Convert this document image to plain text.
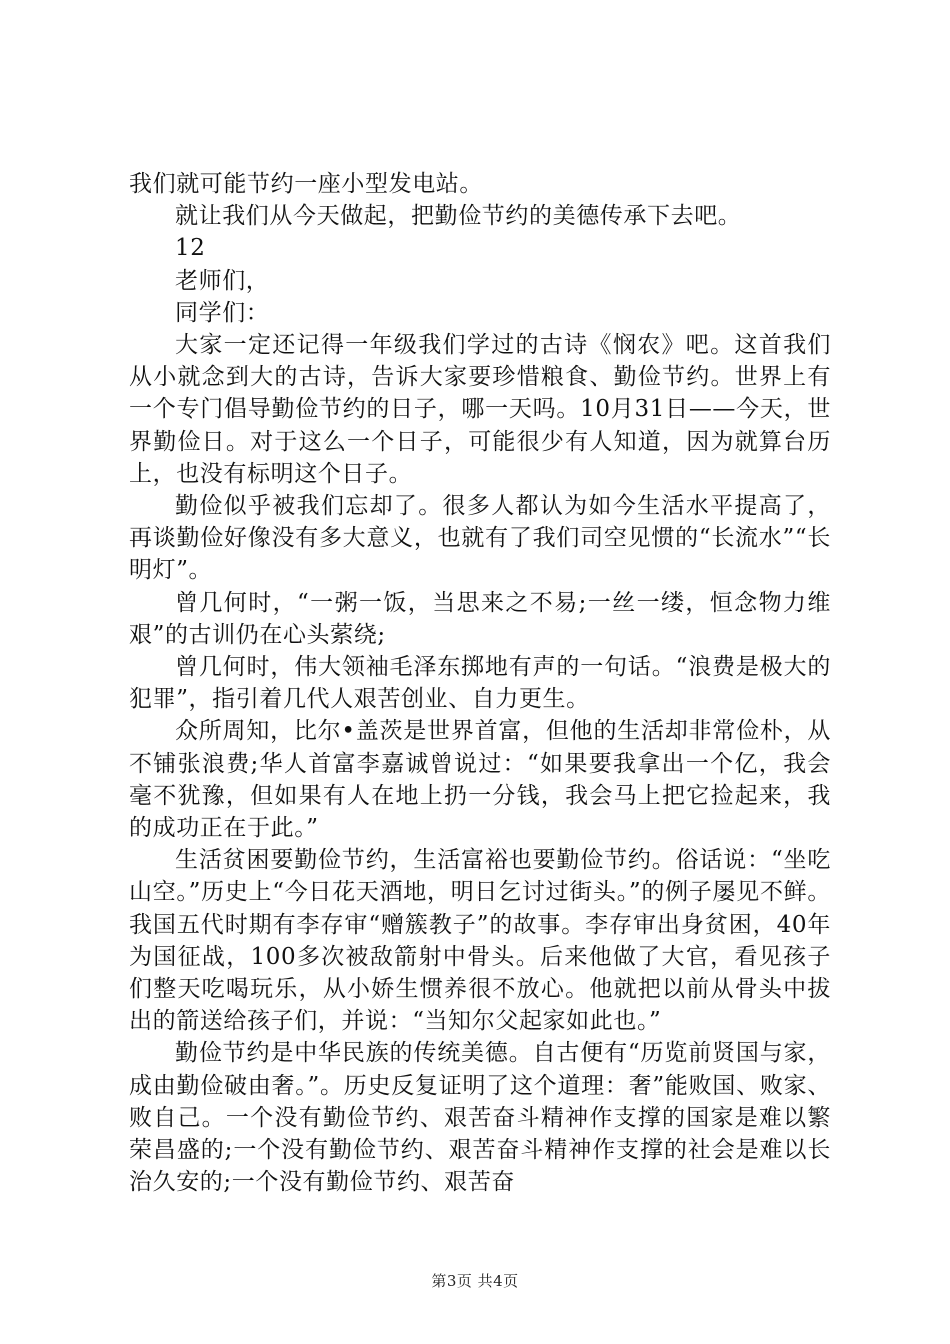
我们就可能节约一座小型发电站。

就让我们从今天做起，把勤俭节约的美德传承下去吧。

12

老师们，

同学们：

大家一定还记得一年级我们学过的古诗《悯农》吧。这首我们从小就念到大的古诗，告诉大家要珍惜粮食、勤俭节约。世界上有一个专门倡导勤俭节约的日子，哪一天吗。10月31日——今天，世界勤俭日。对于这么一个日子，可能很少有人知道，因为就算台历上，也没有标明这个日子。

勤俭似乎被我们忘却了。很多人都认为如今生活水平提高了，再谈勤俭好像没有多大意义，也就有了我们司空见惯的“长流水”“长明灯”。

曾几何时，“一粥一饭，当思来之不易;一丝一缕，恒念物力维艰”的古训仍在心头萦绕;

曾几何时，伟大领袖毛泽东掷地有声的一句话。“浪费是极大的犯罪”，指引着几代人艰苦创业、自力更生。

众所周知，比尔•盖茨是世界首富，但他的生活却非常俭朴，从不铺张浪费;华人首富李嘉诚曾说过：“如果要我拿出一个亿，我会毫不犹豫，但如果有人在地上扔一分钱，我会马上把它捡起来，我的成功正在于此。”

生活贫困要勤俭节约，生活富裕也要勤俭节约。俗话说：“坐吃山空。”历史上“今日花天酒地，明日乞讨过街头。”的例子屡见不鲜。我国五代时期有李存审“赠簇教子”的故事。李存审出身贫困，40年为国征战，100多次被敌箭射中骨头。后来他做了大官，看见孩子们整天吃喝玩乐，从小娇生惯养很不放心。他就把以前从骨头中拔出的箭送给孩子们，并说：“当知尔父起家如此也。”

勤俭节约是中华民族的传统美德。自古便有“历览前贤国与家，成由勤俭破由奢。”。历史反复证明了这个道理：奢”能败国、败家、败自己。一个没有勤俭节约、艰苦奋斗精神作支撑的国家是难以繁荣昌盛的;一个没有勤俭节约、艰苦奋斗精神作支撑的社会是难以长治久安的;一个没有勤俭节约、艰苦奋

第3页 共4页
